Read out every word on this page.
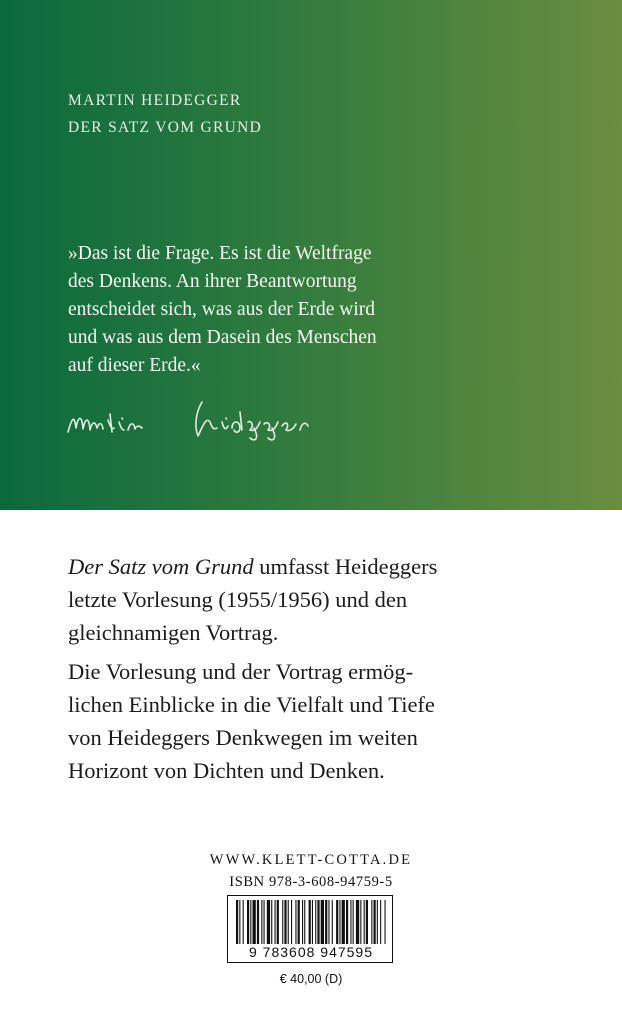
MARTIN HEIDEGGER
DER SATZ VOM GRUND
»Das ist die Frage. Es ist die Weltfrage
des Denkens. An ihrer Beantwortung
entscheidet sich, was aus der Erde wird
und was aus dem Dasein des Menschen
auf dieser Erde.«
Der Satz vom Grund umfasst Heideggers
letzte Vorlesung (1955/1956) und den
gleichnamigen Vortrag.
Die Vorlesung und der Vortrag ermög-
lichen Einblicke in die Vielfalt und Tiefe
von Heideggers Denkwegen im weiten
Horizont von Dichten und Denken.
WWW.KLETT-COTTA.DE
ISBN 978-3-608-94759-5
9 783608 947595
€ 40,00 (D)
